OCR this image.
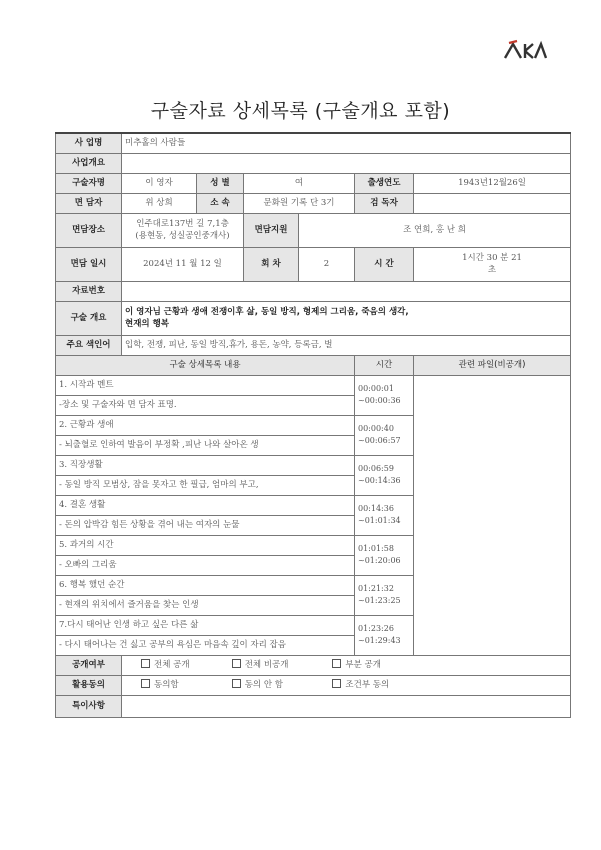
구술자료 상세목록 (구술개요 포함)
사 업명	미추홀의 사람들					
사업개요						
구술자명	이 영자	성 별	여		출생연도	1943년12월26일
면 담자	위 상희	소 속	문화원 기록 단 3기		검 독자	
면담장소	인주대로137번 길 7,1층
(용현동, 성실공인중개사)		면담지원	조 연희, 홍 난 희		
면담 일시	2024년 11 월 12 일		회 차	2	시 간	1시간 30 분 21
초

자료번호						
구술 개요	이 영자님 근황과 생애 전쟁이후 삶, 동일 방직, 형제의 그리움, 죽음의 생각,
현재의 행복					

주요 색인어	입학, 전쟁, 피난, 동일 방직,휴가, 용돈, 농약, 등록금, 벌					
구술 상세목록 내용					시간	관련 파일(비공개)
1. 시작과 멘트					00:00:01
~00:00:36	

-장소 및 구술자와 면 담자 표명.						
2. 근황과 생애					00:00:40
~00:06:57	

- 뇌출혈로 인하여 발음이 부정확 ,피난 나와 살아온 생						
3. 직장생활					00:06:59
~00:14:36	

- 동일 방직 모범상, 잠을 못자고 한 필급, 엄마의 부고,						
4. 결혼 생활					00:14:36
~01:01:34	

- 돈의 압박감 힘든 상황을 겪어 내는 여자의 눈물						
5. 과거의 시간					01:01:58
~01:20:06	

- 오빠의 그리움						
6. 행복 했던 순간					01:21:32
~01:23:25	

- 현재의 위치에서 즐거움을 찾는 인생						
7.다시 태어난 인생 하고 싶은 다른 삶					01:23:26
~01:29:43	

- 다시 태어나는 건 싫고 공부의 욕심은 마음속 깊이 자리 잡음						
공개여부	전체 공개 전체 비공개 부분 공개					
활용동의	동의함 동의 안 함 조건부 동의					
특이사항						
